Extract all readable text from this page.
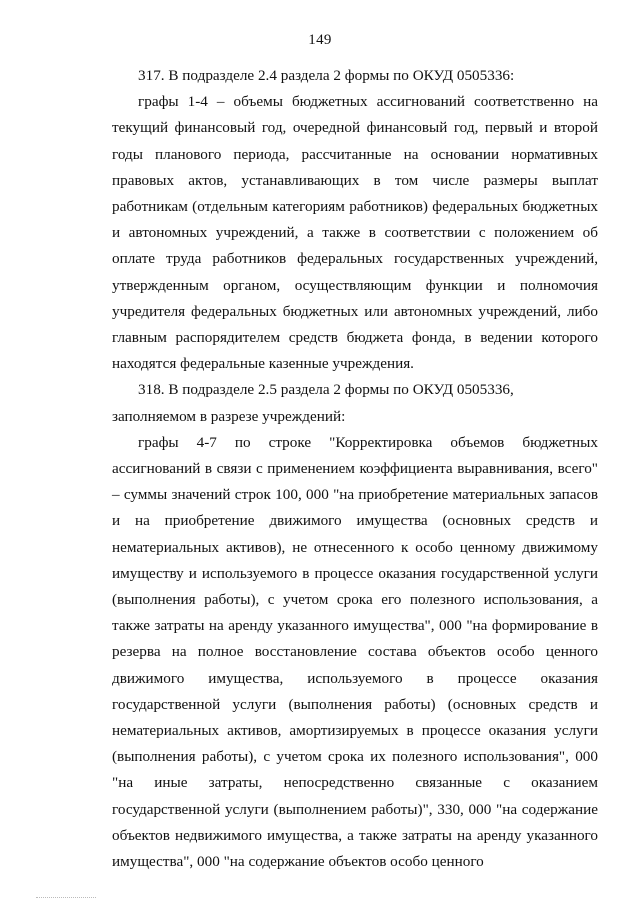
149

317. В подразделе 2.4 раздела 2 формы по ОКУД 0505336:

графы 1-4 – объемы бюджетных ассигнований соответственно на текущий финансовый год, очередной финансовый год, первый и второй годы планового периода, рассчитанные на основании нормативных правовых актов, устанавливающих в том числе размеры выплат работникам (отдельным категориям работников) федеральных бюджетных и автономных учреждений, а также в соответствии с положением об оплате труда работников федеральных государственных учреждений, утвержденным органом, осуществляющим функции и полномочия учредителя федеральных бюджетных или автономных учреждений, либо главным распорядителем средств бюджета фонда, в ведении которого находятся федеральные казенные учреждения.

318. В подразделе 2.5 раздела 2 формы по ОКУД 0505336, заполняемом в разрезе учреждений:

графы 4-7 по строке "Корректировка объемов бюджетных ассигнований в связи с применением коэффициента выравнивания, всего" – суммы значений строк 100, 000 "на приобретение материальных запасов и на приобретение движимого имущества (основных средств и нематериальных активов), не отнесенного к особо ценному движимому имуществу и используемого в процессе оказания государственной услуги (выполнения работы), с учетом срока его полезного использования, а также затраты на аренду указанного имущества", 000 "на формирование в резерва на полное восстановление состава объектов особо ценного движимого имущества, используемого в процессе оказания государственной услуги (выполнения работы) (основных средств и нематериальных активов, амортизируемых в процессе оказания услуги (выполнения работы), с учетом срока их полезного использования", 000 "на иные затраты, непосредственно связанные с оказанием государственной услуги (выполнением работы)", 330, 000 "на содержание объектов недвижимого имущества, а также затраты на аренду указанного имущества", 000 "на содержание объектов особо ценного
